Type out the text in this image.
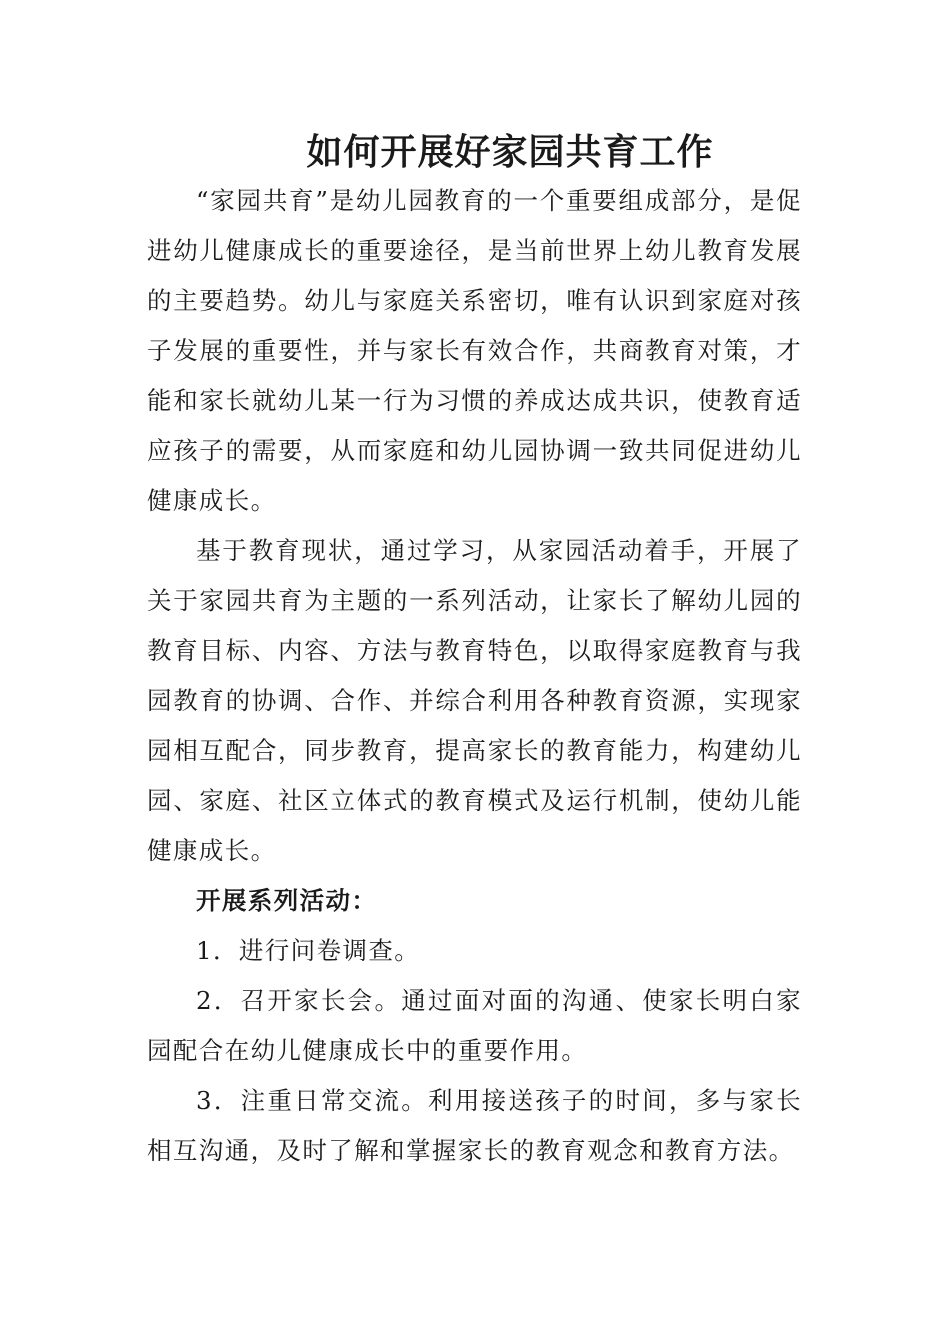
如何开展好家园共育工作

“家园共育”是幼儿园教育的一个重要组成部分，是促进幼儿健康成长的重要途径，是当前世界上幼儿教育发展的主要趋势。幼儿与家庭关系密切，唯有认识到家庭对孩子发展的重要性，并与家长有效合作，共商教育对策，才能和家长就幼儿某一行为习惯的养成达成共识，使教育适应孩子的需要，从而家庭和幼儿园协调一致共同促进幼儿健康成长。

基于教育现状，通过学习，从家园活动着手，开展了关于家园共育为主题的一系列活动，让家长了解幼儿园的教育目标、内容、方法与教育特色，以取得家庭教育与我园教育的协调、合作、并综合利用各种教育资源，实现家园相互配合，同步教育，提高家长的教育能力，构建幼儿园、家庭、社区立体式的教育模式及运行机制，使幼儿能健康成长。

开展系列活动：

1．进行问卷调查。

2．召开家长会。通过面对面的沟通、使家长明白家园配合在幼儿健康成长中的重要作用。

3．注重日常交流。利用接送孩子的时间，多与家长相互沟通，及时了解和掌握家长的教育观念和教育方法。
